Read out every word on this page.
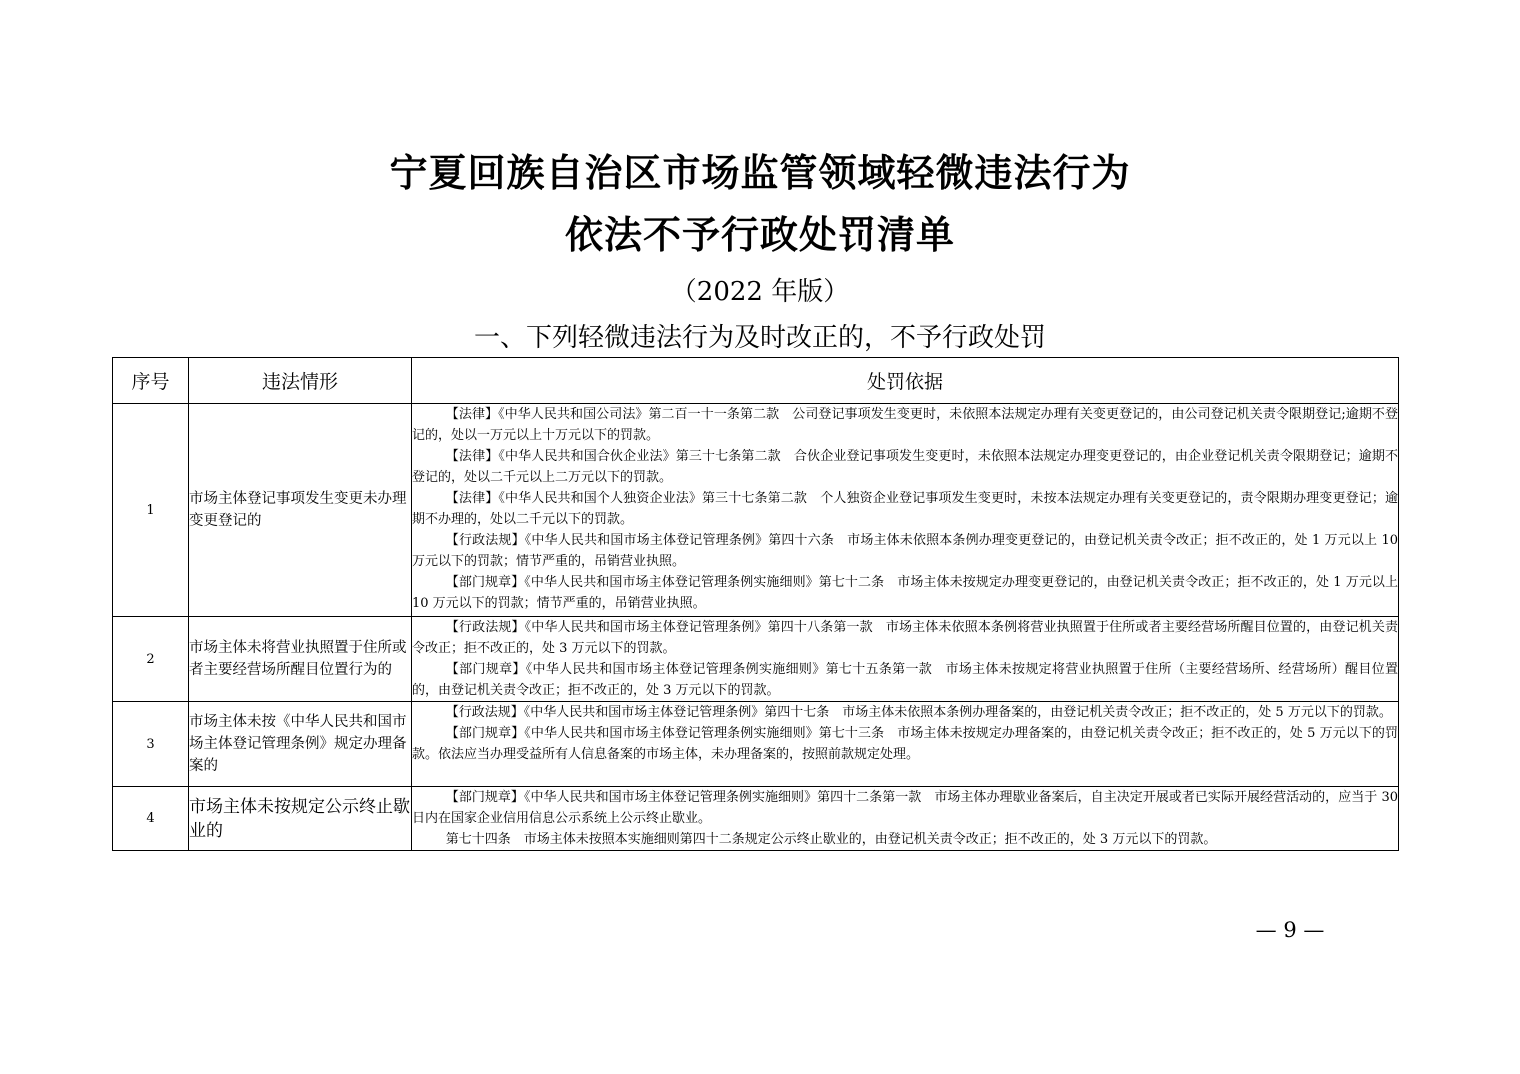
宁夏回族自治区市场监管领域轻微违法行为
依法不予行政处罚清单
（2022 年版）
一、下列轻微违法行为及时改正的，不予行政处罚
序号	违法情形	处罚依据
1	市场主体登记事项发生变更未办理变更登记的	【法律】《中华人民共和国公司法》第二百一十一条第二款　公司登记事项发生变更时，未依照本法规定办理有关变更登记的，由公司登记机关责令限期登记;逾期不登记的，处以一万元以上十万元以下的罚款。

【法律】《中华人民共和国合伙企业法》第三十七条第二款　合伙企业登记事项发生变更时，未依照本法规定办理变更登记的，由企业登记机关责令限期登记；逾期不登记的，处以二千元以上二万元以下的罚款。

【法律】《中华人民共和国个人独资企业法》第三十七条第二款　个人独资企业登记事项发生变更时，未按本法规定办理有关变更登记的，责令限期办理变更登记；逾期不办理的，处以二千元以下的罚款。

【行政法规】《中华人民共和国市场主体登记管理条例》第四十六条　市场主体未依照本条例办理变更登记的，由登记机关责令改正；拒不改正的，处 1 万元以上 10 万元以下的罚款；情节严重的，吊销营业执照。

【部门规章】《中华人民共和国市场主体登记管理条例实施细则》第七十二条　市场主体未按规定办理变更登记的，由登记机关责令改正；拒不改正的，处 1 万元以上 10 万元以下的罚款；情节严重的，吊销营业执照。

2	市场主体未将营业执照置于住所或者主要经营场所醒目位置行为的	【行政法规】《中华人民共和国市场主体登记管理条例》第四十八条第一款　市场主体未依照本条例将营业执照置于住所或者主要经营场所醒目位置的，由登记机关责令改正；拒不改正的，处 3 万元以下的罚款。

【部门规章】《中华人民共和国市场主体登记管理条例实施细则》第七十五条第一款　市场主体未按规定将营业执照置于住所（主要经营场所、经营场所）醒目位置的，由登记机关责令改正；拒不改正的，处 3 万元以下的罚款。

3	市场主体未按《中华人民共和国市场主体登记管理条例》规定办理备案的	【行政法规】《中华人民共和国市场主体登记管理条例》第四十七条　市场主体未依照本条例办理备案的，由登记机关责令改正；拒不改正的，处 5 万元以下的罚款。

【部门规章】《中华人民共和国市场主体登记管理条例实施细则》第七十三条　市场主体未按规定办理备案的，由登记机关责令改正；拒不改正的，处 5 万元以下的罚款。依法应当办理受益所有人信息备案的市场主体，未办理备案的，按照前款规定处理。

4	市场主体未按规定公示终止歇业的	【部门规章】《中华人民共和国市场主体登记管理条例实施细则》第四十二条第一款　市场主体办理歇业备案后，自主决定开展或者已实际开展经营活动的，应当于 30 日内在国家企业信用信息公示系统上公示终止歇业。

第七十四条　市场主体未按照本实施细则第四十二条规定公示终止歇业的，由登记机关责令改正；拒不改正的，处 3 万元以下的罚款。

— 9 —
